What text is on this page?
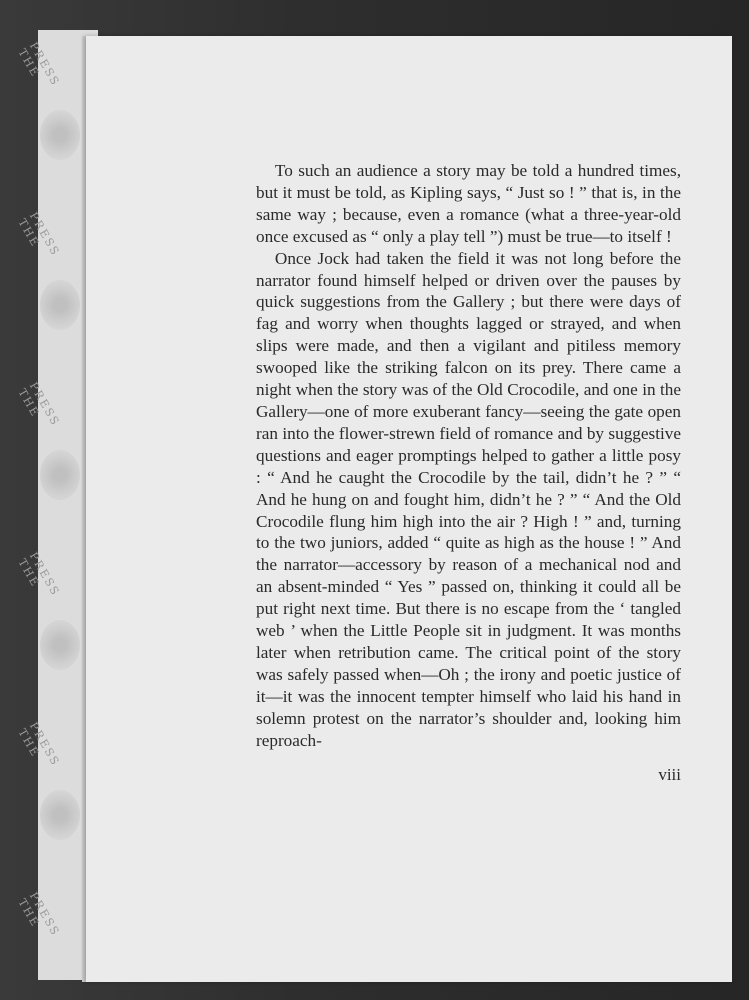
PRESS THE
PRESS THE
PRESS THE
PRESS THE
PRESS THE
PRESS THE

To such an audience a story may be told a hundred times, but it must be told, as Kipling says, “ Just so ! ” that is, in the same way ; because, even a romance (what a three-year-old once excused as “ only a play tell ”) must be true—to itself !

Once Jock had taken the field it was not long before the narrator found himself helped or driven over the pauses by quick suggestions from the Gallery ; but there were days of fag and worry when thoughts lagged or strayed, and when slips were made, and then a vigilant and pitiless memory swooped like the striking falcon on its prey. There came a night when the story was of the Old Crocodile, and one in the Gallery—one of more exuberant fancy—seeing the gate open ran into the flower-strewn field of romance and by suggestive questions and eager promptings helped to gather a little posy : “ And he caught the Crocodile by the tail, didn’t he ? ” “ And he hung on and fought him, didn’t he ? ” “ And the Old Crocodile flung him high into the air ? High ! ” and, turning to the two juniors, added “ quite as high as the house ! ” And the narrator—accessory by reason of a mechanical nod and an absent-minded “ Yes ” passed on, thinking it could all be put right next time. But there is no escape from the ‘ tangled web ’ when the Little People sit in judgment. It was months later when retribution came. The critical point of the story was safely passed when—Oh ; the irony and poetic justice of it—it was the innocent tempter himself who laid his hand in solemn protest on the narrator’s shoulder and, looking him reproach-

viii
